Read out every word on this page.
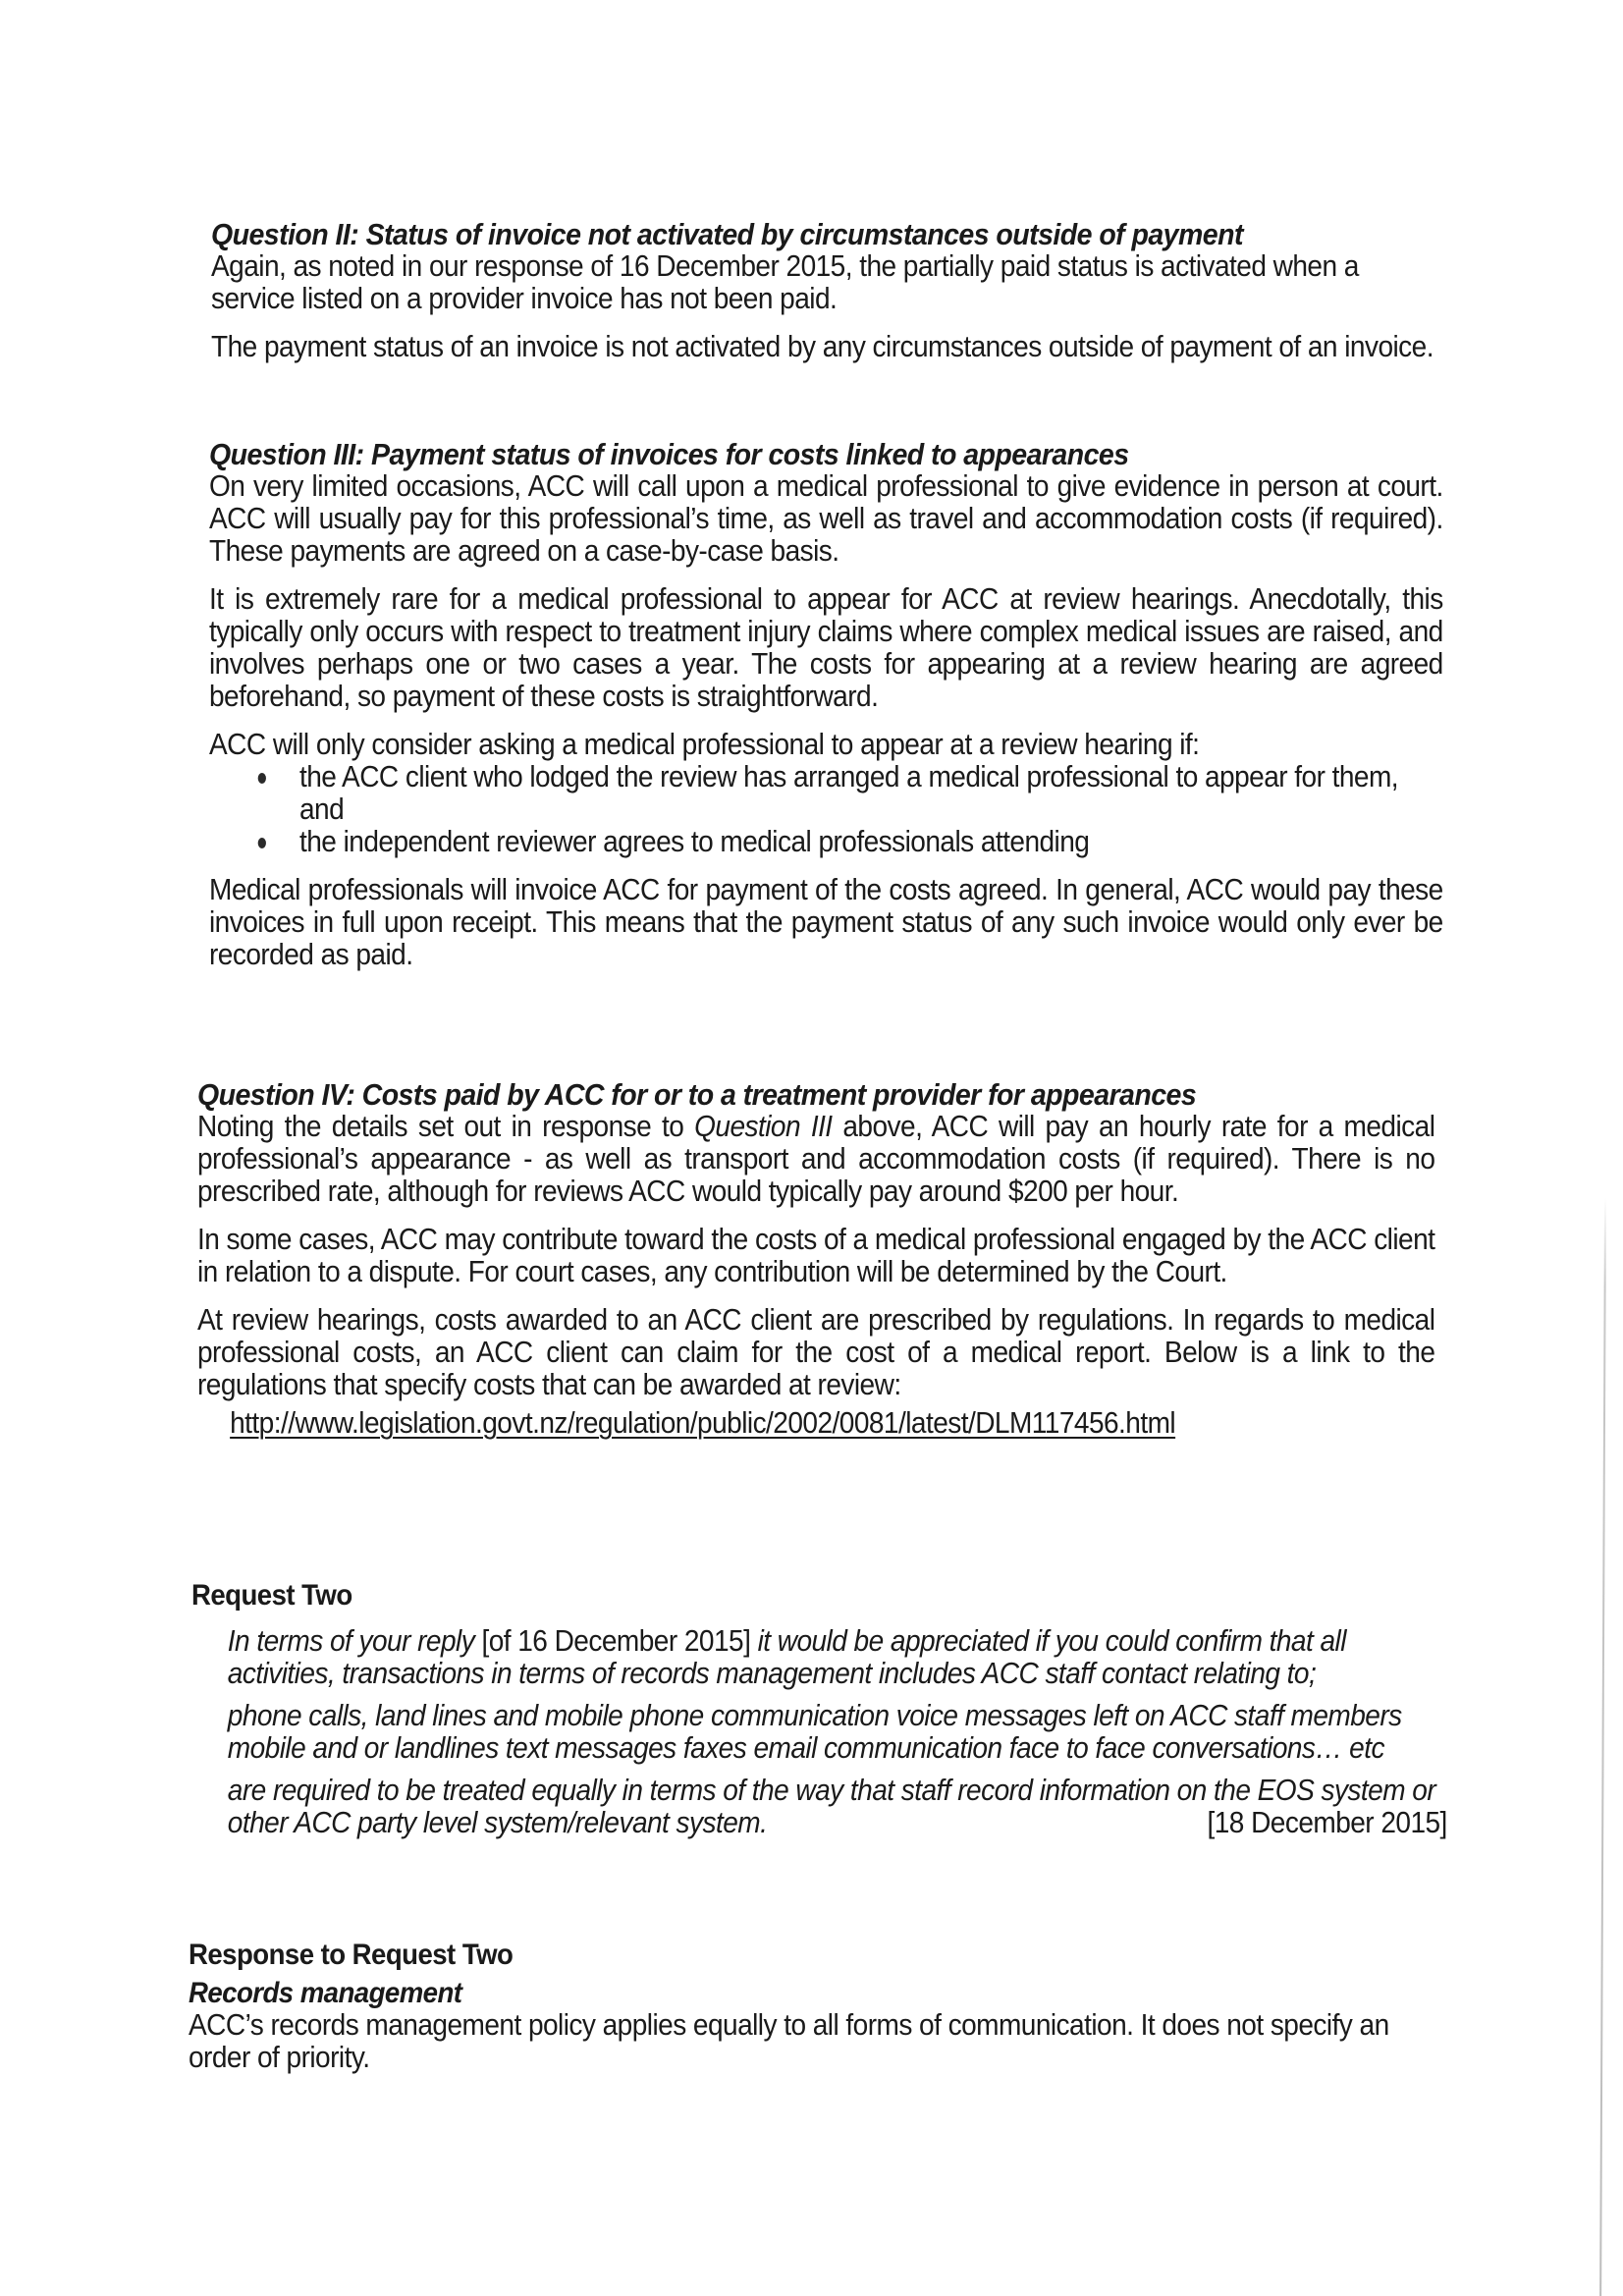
Question II: Status of invoice not activated by circumstances outside of payment

Again, as noted in our response of 16 December 2015, the partially paid status is activated when a service listed on a provider invoice has not been paid.

The payment status of an invoice is not activated by any circumstances outside of payment of an invoice.

Question III: Payment status of invoices for costs linked to appearances

On very limited occasions, ACC will call upon a medical professional to give evidence in person at court. ACC will usually pay for this professional’s time, as well as travel and accommodation costs (if required). These payments are agreed on a case-by-case basis.

It is extremely rare for a medical professional to appear for ACC at review hearings. Anecdotally, this typically only occurs with respect to treatment injury claims where complex medical issues are raised, and involves perhaps one or two cases a year. The costs for appearing at a review hearing are agreed beforehand, so payment of these costs is straightforward.

ACC will only consider asking a medical professional to appear at a review hearing if:

the ACC client who lodged the review has arranged a medical professional to appear for them, and
the independent reviewer agrees to medical professionals attending

Medical professionals will invoice ACC for payment of the costs agreed. In general, ACC would pay these invoices in full upon receipt. This means that the payment status of any such invoice would only ever be recorded as paid.

Question IV: Costs paid by ACC for or to a treatment provider for appearances

Noting the details set out in response to Question III above, ACC will pay an hourly rate for a medical professional’s appearance - as well as transport and accommodation costs (if required). There is no prescribed rate, although for reviews ACC would typically pay around $200 per hour.

In some cases, ACC may contribute toward the costs of a medical professional engaged by the ACC client in relation to a dispute. For court cases, any contribution will be determined by the Court.

At review hearings, costs awarded to an ACC client are prescribed by regulations. In regards to medical professional costs, an ACC client can claim for the cost of a medical report. Below is a link to the regulations that specify costs that can be awarded at review:

http://www.legislation.govt.nz/regulation/public/2002/0081/latest/DLM117456.html

Request Two

In terms of your reply [of 16 December 2015] it would be appreciated if you could confirm that all activities, transactions in terms of records management includes ACC staff contact relating to;

phone calls, land lines and mobile phone communication voice messages left on ACC staff members mobile and or landlines text messages faxes email communication face to face conversations… etc

are required to be treated equally in terms of the way that staff record information on the EOS system or other ACC party level system/relevant system.	[18 December 2015]

Response to Request Two
Records management

ACC’s records management policy applies equally to all forms of communication. It does not specify an order of priority.
